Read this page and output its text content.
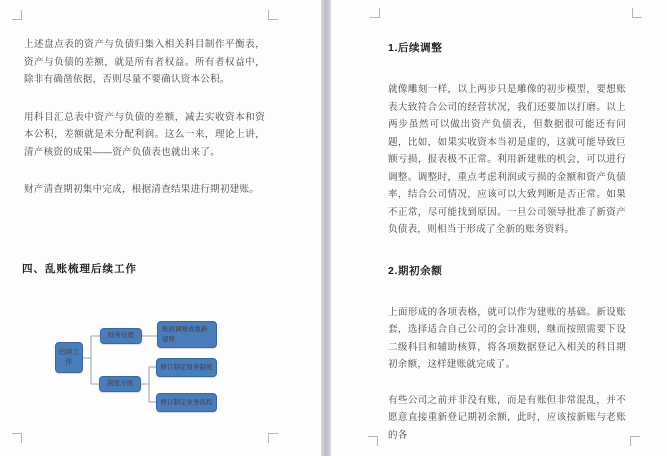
上述盘点表的资产与负债归集入相关科目制作平衡表，资产与负债的差额，就是所有者权益。所有者权益中，除非有确凿依据，否则尽量不要确认资本公积。

用科目汇总表中资产与负债的差额，减去实收资本和资本公积，差额就是未分配利润。这么一来，理论上讲，清产核资的成果——资产负债表也就出来了。

财产清查期初集中完成，根据清查结果进行期初建账。

四、乱账梳理后续工作
后续工作
财务处理
制度方面
账面调账或重新建账
修订制定财务制度
修订制定业务流程
1.后续调整

就像雕刻一样，以上两步只是雕像的初步模型，要想账表大致符合公司的经营状况，我们还要加以打磨。以上两步虽然可以做出资产负债表，但数据很可能还有问题，比如，如果实收资本当初是虚的，这就可能导致巨额亏损，报表极不正常。利用新建账的机会，可以进行调整。调整时，重点考虑利润或亏损的金额和资产负债率，结合公司情况，应该可以大致判断是否正常。如果不正常，尽可能找到原因。一旦公司领导批准了新资产负债表，则相当于形成了全新的账务资料。

2.期初余额

上面形成的各项表格，就可以作为建账的基础。新设账套，选择适合自己公司的会计准则，继而按照需要下设二级科目和辅助核算，将各项数据登记入相关的科目期初余额，这样建账就完成了。

有些公司之前并非没有账，而是有账但非常混乱，并不愿意直接重新登记期初余额，此时，应该按新账与老账的各
